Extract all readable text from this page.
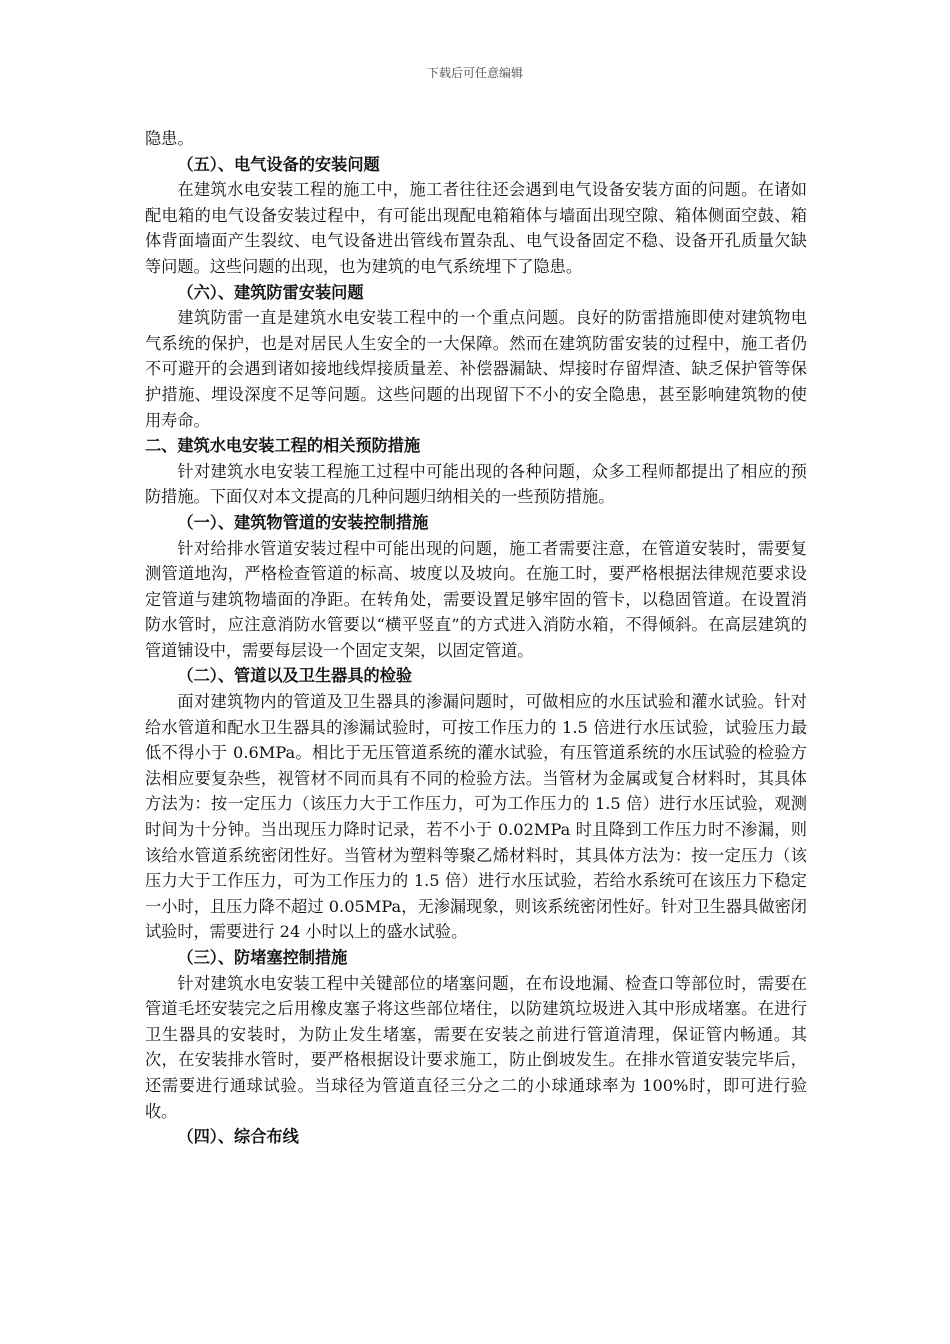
下载后可任意编辑

隐患。

（五）、电气设备的安装问题

在建筑水电安装工程的施工中，施工者往往还会遇到电气设备安装方面的问题。在诸如配电箱的电气设备安装过程中，有可能出现配电箱箱体与墙面出现空隙、箱体侧面空鼓、箱体背面墙面产生裂纹、电气设备进出管线布置杂乱、电气设备固定不稳、设备开孔质量欠缺等问题。这些问题的出现，也为建筑的电气系统埋下了隐患。

（六）、建筑防雷安装问题

建筑防雷一直是建筑水电安装工程中的一个重点问题。良好的防雷措施即使对建筑物电气系统的保护，也是对居民人生安全的一大保障。然而在建筑防雷安装的过程中，施工者仍不可避开的会遇到诸如接地线焊接质量差、补偿器漏缺、焊接时存留焊渣、缺乏保护管等保护措施、埋设深度不足等问题。这些问题的出现留下不小的安全隐患，甚至影响建筑物的使用寿命。

二、建筑水电安装工程的相关预防措施

针对建筑水电安装工程施工过程中可能出现的各种问题，众多工程师都提出了相应的预防措施。下面仅对本文提高的几种问题归纳相关的一些预防措施。

（一）、建筑物管道的安装控制措施

针对给排水管道安装过程中可能出现的问题，施工者需要注意，在管道安装时，需要复测管道地沟，严格检查管道的标高、坡度以及坡向。在施工时，要严格根据法律规范要求设定管道与建筑物墙面的净距。在转角处，需要设置足够牢固的管卡，以稳固管道。在设置消防水管时，应注意消防水管要以“横平竖直”的方式进入消防水箱，不得倾斜。在高层建筑的管道铺设中，需要每层设一个固定支架，以固定管道。

（二）、管道以及卫生器具的检验

面对建筑物内的管道及卫生器具的渗漏问题时，可做相应的水压试验和灌水试验。针对给水管道和配水卫生器具的渗漏试验时，可按工作压力的 1.5 倍进行水压试验，试验压力最低不得小于 0.6MPa。相比于无压管道系统的灌水试验，有压管道系统的水压试验的检验方法相应要复杂些，视管材不同而具有不同的检验方法。当管材为金属或复合材料时，其具体方法为：按一定压力（该压力大于工作压力，可为工作压力的 1.5 倍）进行水压试验，观测时间为十分钟。当出现压力降时记录，若不小于 0.02MPa 时且降到工作压力时不渗漏，则该给水管道系统密闭性好。当管材为塑料等聚乙烯材料时，其具体方法为：按一定压力（该压力大于工作压力，可为工作压力的 1.5 倍）进行水压试验，若给水系统可在该压力下稳定一小时，且压力降不超过 0.05MPa，无渗漏现象，则该系统密闭性好。针对卫生器具做密闭试验时，需要进行 24 小时以上的盛水试验。

（三）、防堵塞控制措施

针对建筑水电安装工程中关键部位的堵塞问题，在布设地漏、检查口等部位时，需要在管道毛坯安装完之后用橡皮塞子将这些部位堵住，以防建筑垃圾进入其中形成堵塞。在进行卫生器具的安装时，为防止发生堵塞，需要在安装之前进行管道清理，保证管内畅通。其次，在安装排水管时，要严格根据设计要求施工，防止倒坡发生。在排水管道安装完毕后，还需要进行通球试验。当球径为管道直径三分之二的小球通球率为 100%时，即可进行验收。

（四）、综合布线
